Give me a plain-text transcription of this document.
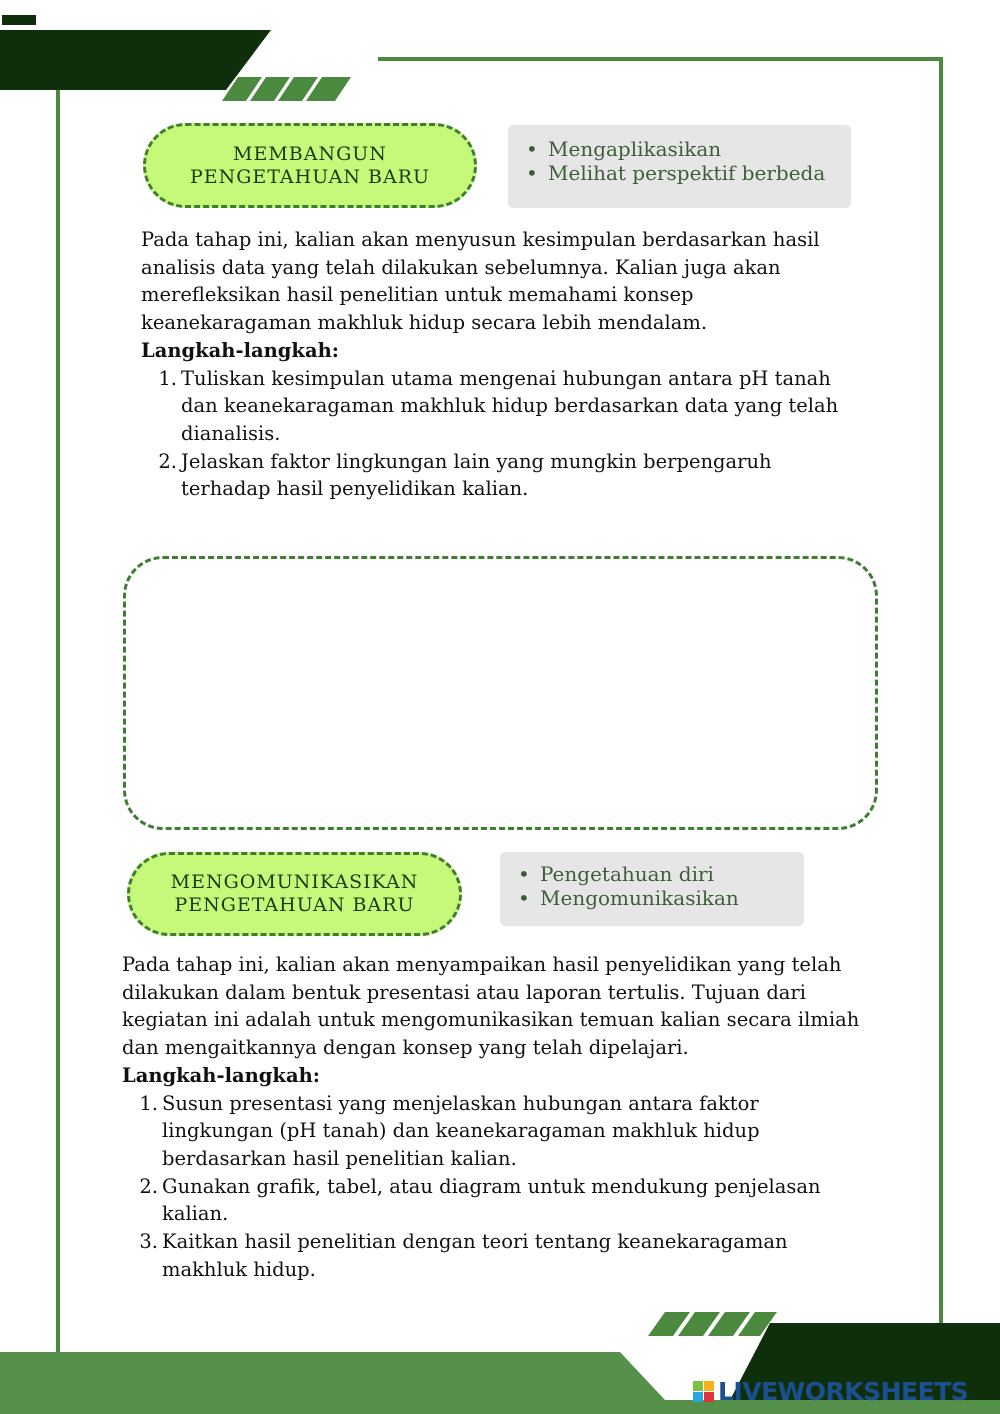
LIVEWORKSHEETS
MEMBANGUN
PENGETAHUAN BARU
• Mengaplikasikan
• Melihat perspektif berbeda

Pada tahap ini, kalian akan menyusun kesimpulan berdasarkan hasil analisis data yang telah dilakukan sebelumnya. Kalian juga akan merefleksikan hasil penelitian untuk memahami konsep keanekaragaman makhluk hidup secara lebih mendalam.

Langkah-langkah:

1. Tuliskan kesimpulan utama mengenai hubungan antara pH tanah dan keanekaragaman makhluk hidup berdasarkan data yang telah dianalisis.
2. Jelaskan faktor lingkungan lain yang mungkin berpengaruh terhadap hasil penyelidikan kalian.
MENGOMUNIKASIKAN
PENGETAHUAN BARU
• Pengetahuan diri
• Mengomunikasikan

Pada tahap ini, kalian akan menyampaikan hasil penyelidikan yang telah dilakukan dalam bentuk presentasi atau laporan tertulis. Tujuan dari kegiatan ini adalah untuk mengomunikasikan temuan kalian secara ilmiah dan mengaitkannya dengan konsep yang telah dipelajari.

Langkah-langkah:

1. Susun presentasi yang menjelaskan hubungan antara faktor lingkungan (pH tanah) dan keanekaragaman makhluk hidup berdasarkan hasil penelitian kalian.
2. Gunakan grafik, tabel, atau diagram untuk mendukung penjelasan kalian.
3. Kaitkan hasil penelitian dengan teori tentang keanekaragaman makhluk hidup.
